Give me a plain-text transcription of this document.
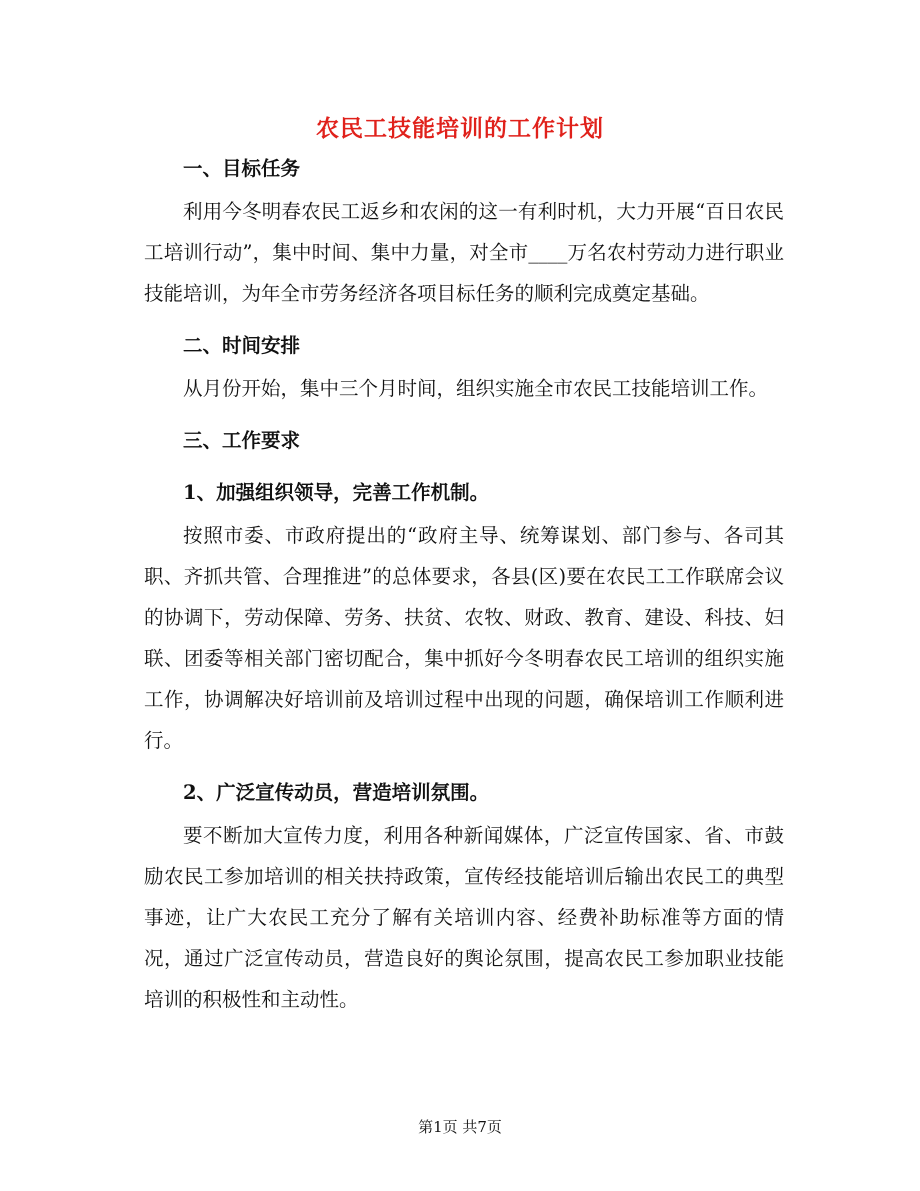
农民工技能培训的工作计划

一、目标任务

利用今冬明春农民工返乡和农闲的这一有利时机，大力开展“百日农民工培训行动”，集中时间、集中力量，对全市____万名农村劳动力进行职业技能培训，为年全市劳务经济各项目标任务的顺利完成奠定基础。

二、时间安排

从月份开始，集中三个月时间，组织实施全市农民工技能培训工作。

三、工作要求

1、加强组织领导，完善工作机制。

按照市委、市政府提出的“政府主导、统筹谋划、部门参与、各司其职、齐抓共管、合理推进”的总体要求，各县(区)要在农民工工作联席会议的协调下，劳动保障、劳务、扶贫、农牧、财政、教育、建设、科技、妇联、团委等相关部门密切配合，集中抓好今冬明春农民工培训的组织实施工作，协调解决好培训前及培训过程中出现的问题，确保培训工作顺利进行。

2、广泛宣传动员，营造培训氛围。

要不断加大宣传力度，利用各种新闻媒体，广泛宣传国家、省、市鼓励农民工参加培训的相关扶持政策，宣传经技能培训后输出农民工的典型事迹，让广大农民工充分了解有关培训内容、经费补助标准等方面的情况，通过广泛宣传动员，营造良好的舆论氛围，提高农民工参加职业技能培训的积极性和主动性。

第1页 共7页
